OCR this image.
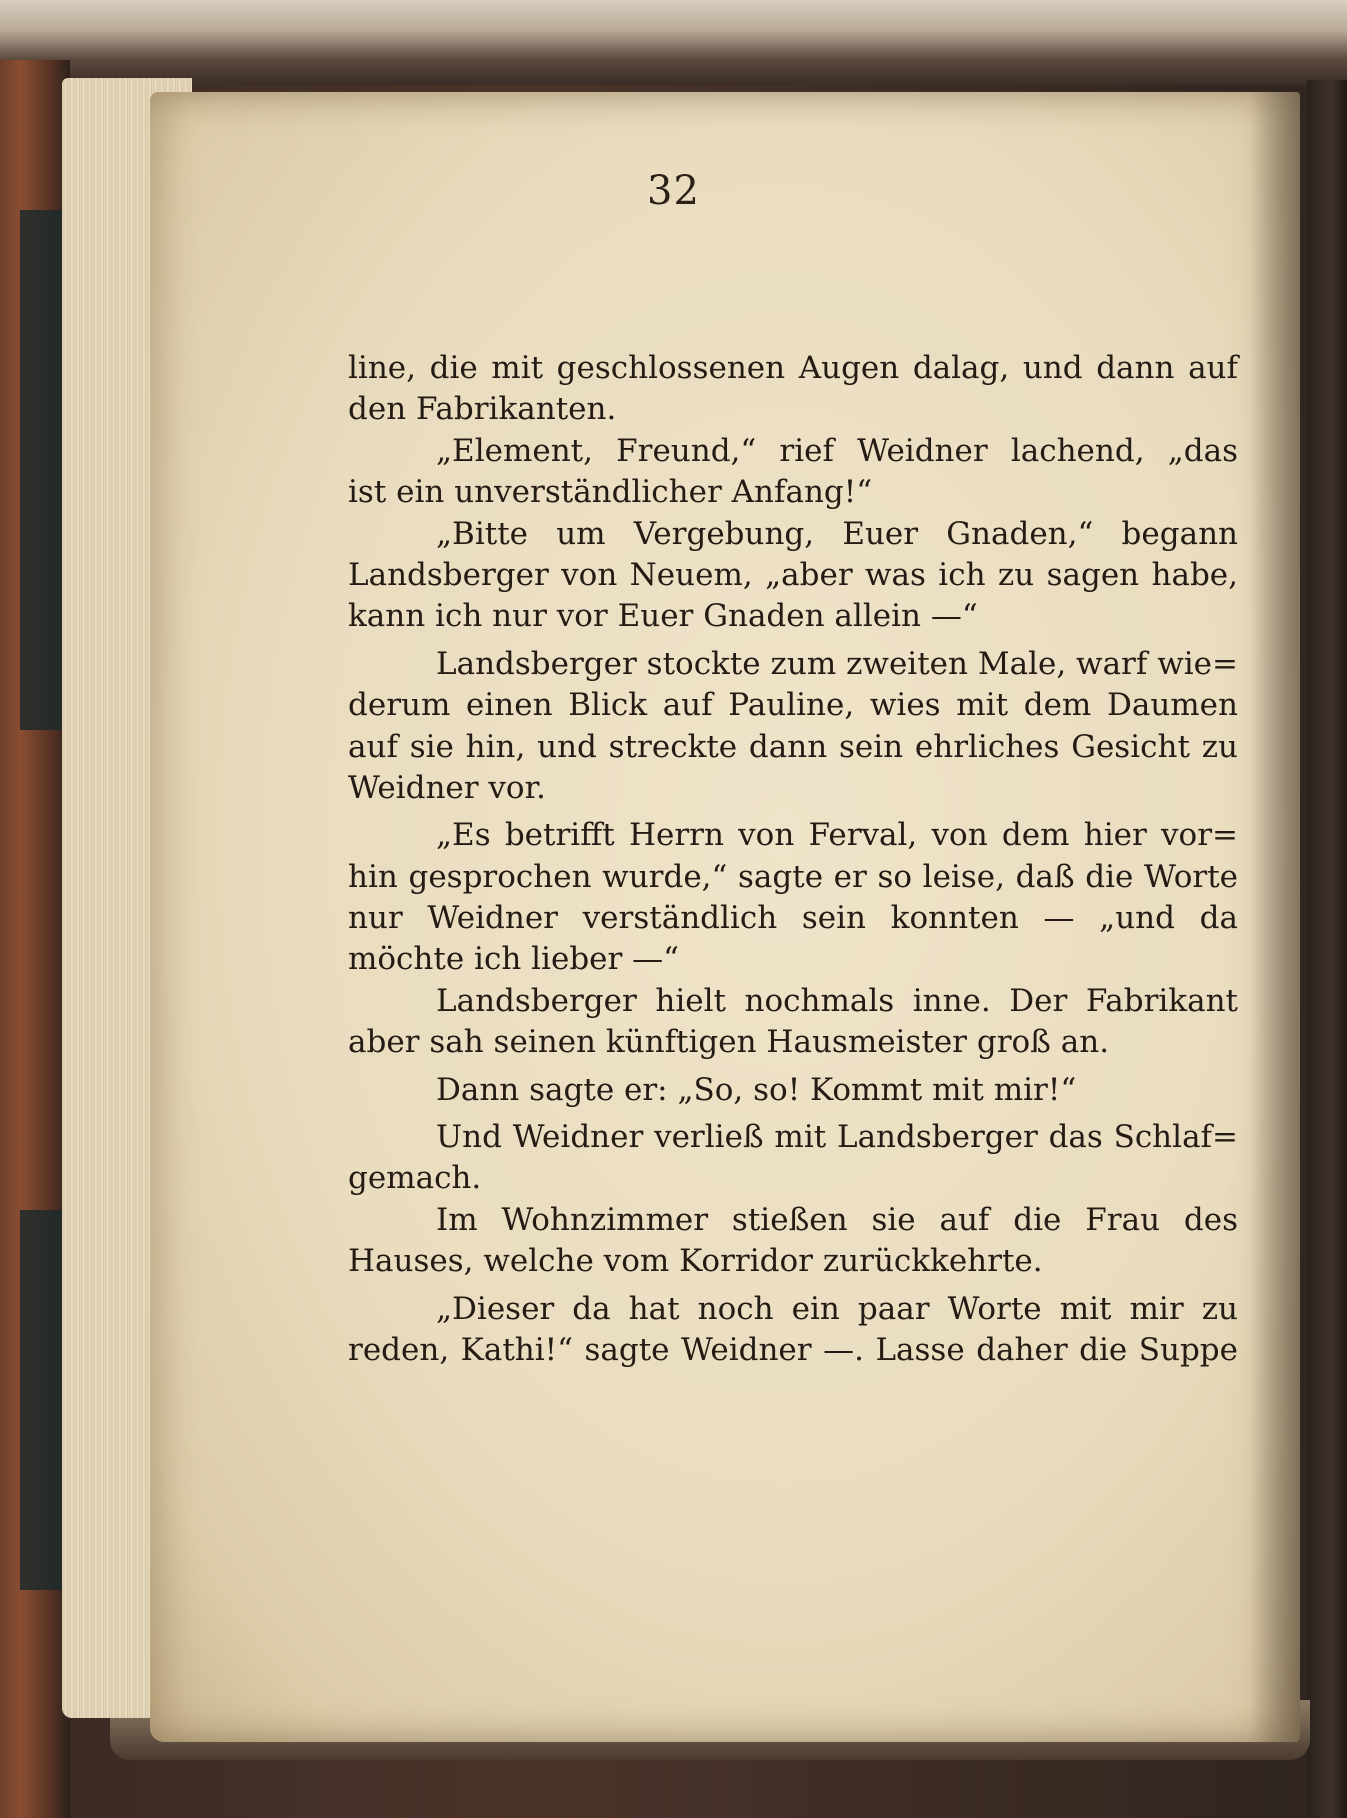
32
line, die mit geschlossenen Augen dalag, und dann auf
den Fabrikanten.
„Element, Freund,“ rief Weidner lachend, „das
ist ein unverständlicher Anfang!“
„Bitte um Vergebung, Euer Gnaden,“ begann
Landsberger von Neuem, „aber was ich zu sagen habe,
kann ich nur vor Euer Gnaden allein —“
Landsberger stockte zum zweiten Male, warf wie=
derum einen Blick auf Pauline, wies mit dem Daumen
auf sie hin, und streckte dann sein ehrliches Gesicht zu
Weidner vor.
„Es betrifft Herrn von Ferval, von dem hier vor=
hin gesprochen wurde,“ sagte er so leise, daß die Worte
nur Weidner verständlich sein konnten — „und da
möchte ich lieber —“
Landsberger hielt nochmals inne. Der Fabrikant
aber sah seinen künftigen Hausmeister groß an.
Dann sagte er: „So, so! Kommt mit mir!“
Und Weidner verließ mit Landsberger das Schlaf=
gemach.
Im Wohnzimmer stießen sie auf die Frau des
Hauses, welche vom Korridor zurückkehrte.
„Dieser da hat noch ein paar Worte mit mir zu
reden, Kathi!“ sagte Weidner —. Lasse daher die Suppe
